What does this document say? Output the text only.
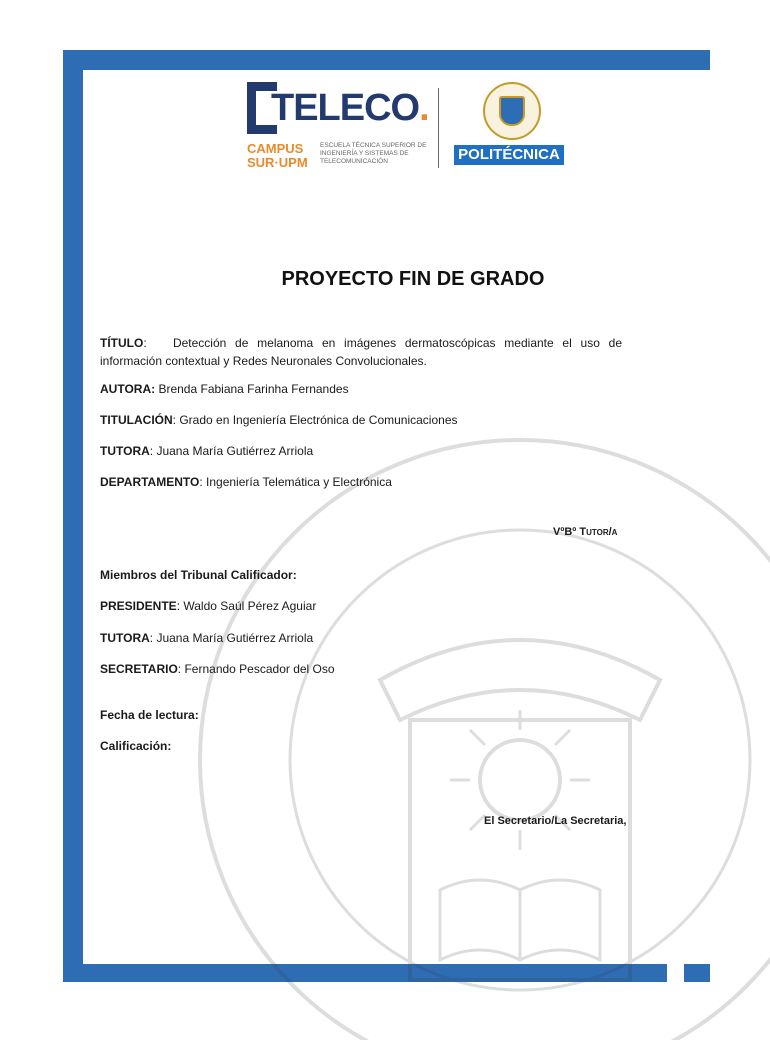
TELECO.
CAMPUS
SUR·UPM
ESCUELA TÉCNICA SUPERIOR DE INGENIERÍA Y SISTEMAS DE TELECOMUNICACIÓN	POLITÉCNICA
PROYECTO FIN DE GRADO
TÍTULO:   Detección de melanoma en imágenes dermatoscópicas mediante el uso de información contextual y Redes Neuronales Convolucionales.
AUTORA: Brenda Fabiana Farinha Fernandes
TITULACIÓN: Grado en Ingeniería Electrónica de Comunicaciones
TUTORA: Juana María Gutiérrez Arriola
DEPARTAMENTO: Ingeniería Telemática y Electrónica
VºBº Tutor/a
Miembros del Tribunal Calificador:
PRESIDENTE: Waldo Saúl Pérez Aguiar
TUTORA: Juana María Gutiérrez Arriola
SECRETARIO: Fernando Pescador del Oso
Fecha de lectura:
Calificación:
El Secretario/La Secretaria,
